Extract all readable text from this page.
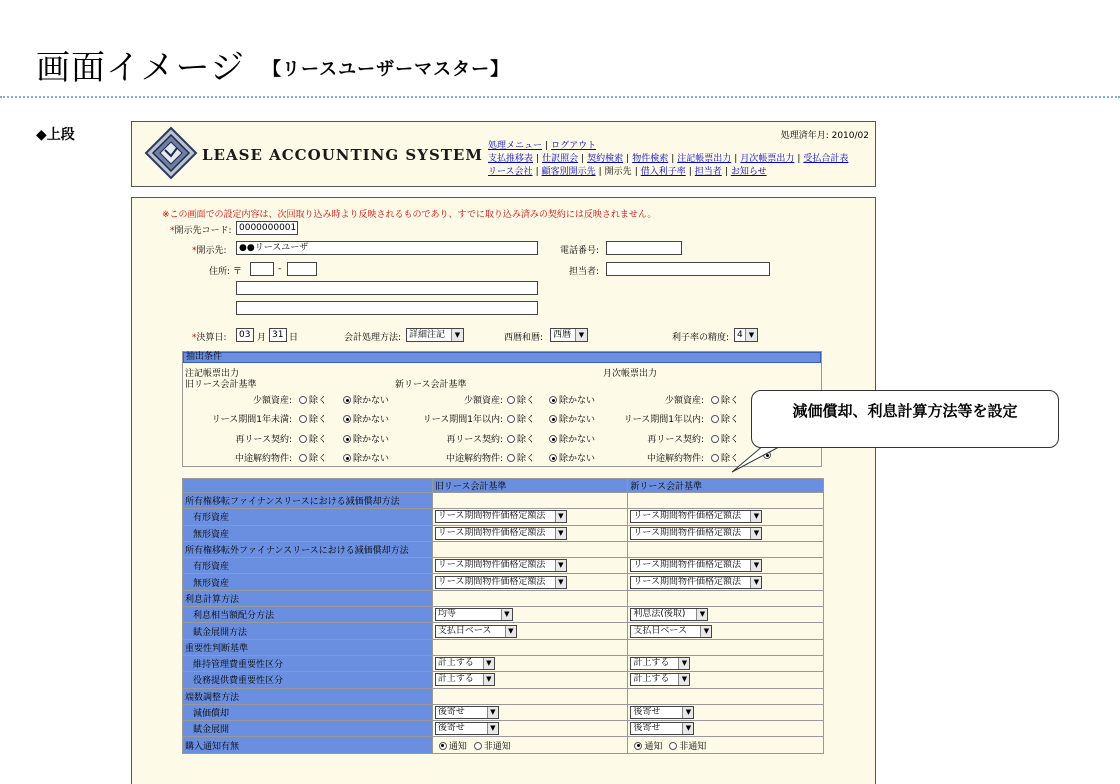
画面イメージ $^{【リースユーザーマスター】}$
◆上段
LEASE ACCOUNTING SYSTEM
処理済年月: 2010/02
処理メニュー | ログアウト
支払推移表 | 仕訳照会 | 契約検索 | 物件検索 | 注記帳票出力 | 月次帳票出力 | 受払合計表
リース会社 | 顧客別開示先 | 開示先 | 借入利子率 | 担当者 | お知らせ
※この画面での設定内容は、次回取り込み時より反映されるものであり、すでに取り込み済みの契約には反映されません。
*開示先コード: 0000000001
*開示先:	●●リースユーザ	電話番号:
住所: 〒	-	担当者:
*決算日:	03 月 31 日	会計処理方法: 詳細注記	▼	西暦和暦:	西暦	▼	利子率の精度: 4 ▼
抽出条件
注記帳票出力	月次帳票出力
旧リース会計基準	新リース会計基準
少額資産:	除く	除かない	少額資産:	除く	除かない	少額資産:	除く
リース期間1年未満:	除く	除かない	リース期間1年以内:	除く	除かない	リース期間1年以内:	除く
再リース契約:	除く	除かない	再リース契約:	除く	除かない	再リース契約:	除く
中途解約物件:	除く	除かない	中途解約物件:	除く	除かない	中途解約物件:	除く
	旧リース会計基準	新リース会計基準
所有権移転ファイナンスリースにおける減価償却方法		
有形資産	リース期間物件価格定額法 ▼	リース期間物件価格定額法 ▼

無形資産	リース期間物件価格定額法 ▼	リース期間物件価格定額法 ▼

所有権移転外ファイナンスリースにおける減価償却方法		
有形資産	リース期間物件価格定額法 ▼	リース期間物件価格定額法 ▼

無形資産	リース期間物件価格定額法 ▼	リース期間物件価格定額法 ▼

利息計算方法		
利息相当額配分方法	均等 ▼	利息法(後取) ▼

賦金展開方法	支払日ベース ▼	支払日ベース ▼

重要性判断基準		
維持管理費重要性区分	計上する ▼	計上する ▼

役務提供費重要性区分	計上する ▼	計上する ▼

端数調整方法		
減価償却	後寄せ ▼	後寄せ ▼

賦金展開	後寄せ ▼	後寄せ ▼

購入通知有無	通知 非通知	通知 非通知
減価償却、利息計算方法等を設定
